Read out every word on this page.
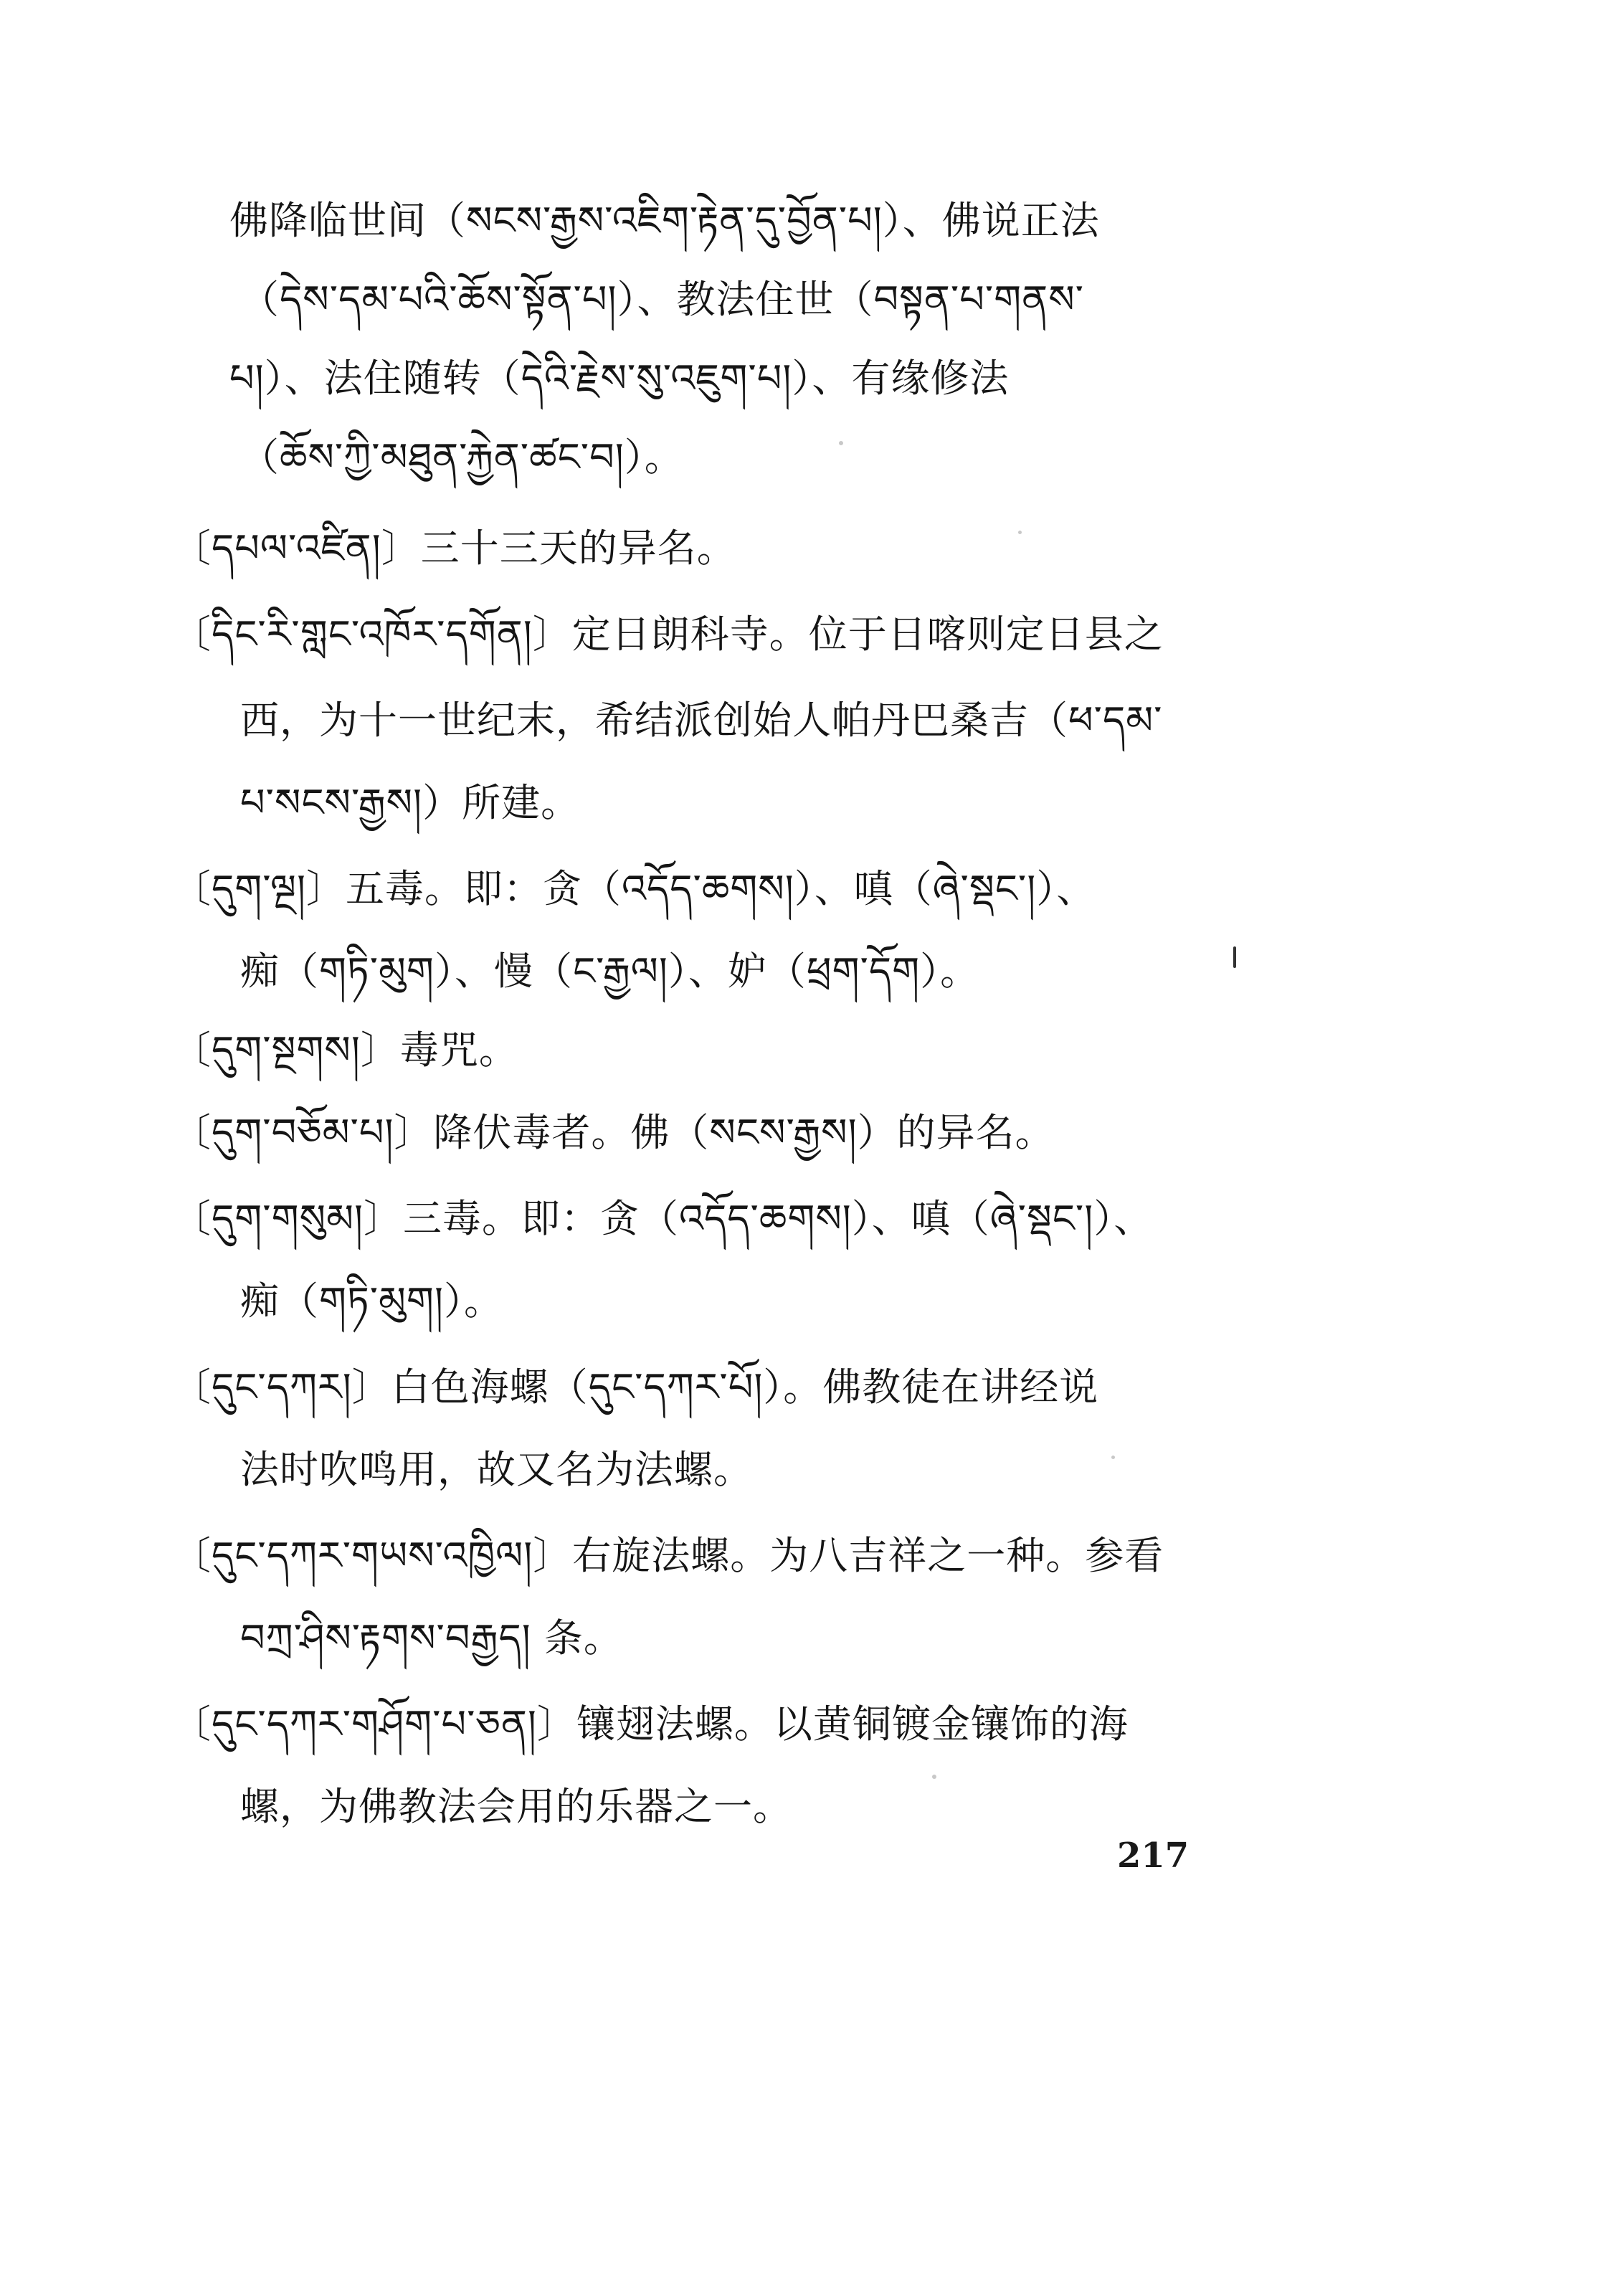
佛降临世间（སངས་རྒྱས་འཇིག་རྟེན་དུ་བྱོན་པ།）、佛说正法
（དེས་དམ་པའི་ཆོས་སྟོན་པ།）、教法住世（བསྟན་པ་གནས་
པ།）、法住随转（དེའི་རྗེས་སུ་འཇུག་པ།）、有缘修法
（ཆོས་ཀྱི་མཐུན་རྐྱེན་ཚང་བ།）。
〔དཔལ་འཛིན།〕三十三天的异名。
〔དིང་རི་གླང་འཁོར་དགོན།〕定日朗科寺。位于日喀则定日县之
西，为十一世纪末，希结派创始人帕丹巴桑吉（ཕ་དམ་
པ་སངས་རྒྱས།）所建。
〔དུག་ལྔ།〕五毒。即：贪（འདོད་ཆགས།）、嗔（ཞེ་སྡང་།）、
痴（གཏི་མུག）、慢（ང་རྒྱལ།）、妒（ཕྲག་དོག）。
〔དུག་སྔགས།〕毒咒。
〔དུག་བཅོམ་པ།〕降伏毒者。佛（སངས་རྒྱས།）的异名。
〔དུག་གསུམ།〕三毒。即：贪（འདོད་ཆགས།）、嗔（ཞེ་སྡང་།）、
痴（གཏི་མུག།）。
〔དུང་དཀར།〕白色海螺（དུང་དཀར་པོ།）。佛教徒在讲经说
法时吹鸣用，故又名为法螺。
〔དུང་དཀར་གཡས་འཁྱིལ།〕右旋法螺。为八吉祥之一种。参看
བཀྲ་ཤིས་རྟགས་བརྒྱད། 条。
〔དུང་དཀར་གཤོག་པ་ཅན།〕镶翅法螺。以黄铜镀金镶饰的海
螺，为佛教法会用的乐器之一。
217
